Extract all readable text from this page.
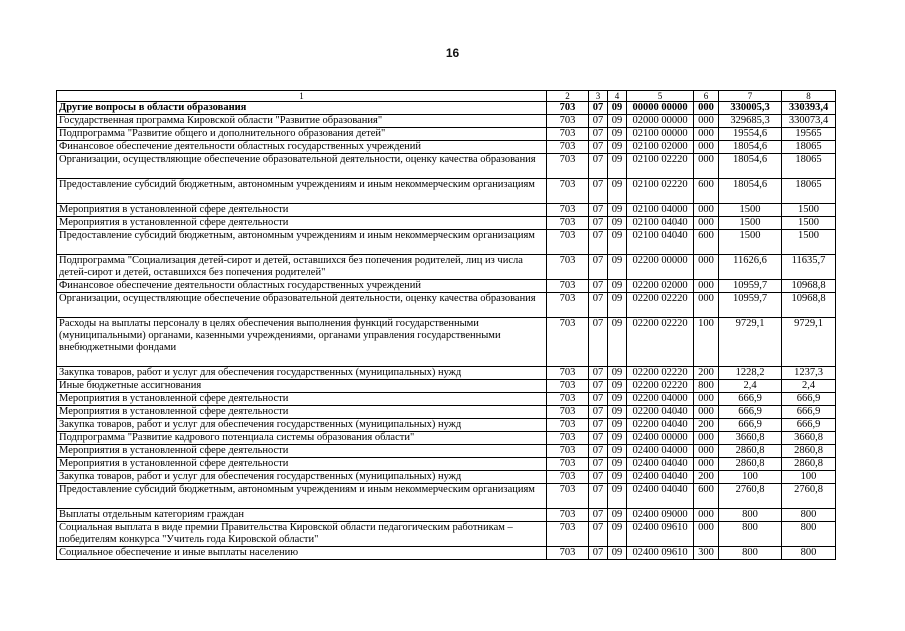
16
1	2	3	4	5	6	7	8
Другие вопросы в области образования	703	07	09	00000 00000	000	330005,3	330393,4
Государственная программа Кировской области "Развитие образования"	703	07	09	02000 00000	000	329685,3	330073,4
Подпрограмма "Развитие общего и дополнительного образования детей"	703	07	09	02100 00000	000	19554,6	19565
Финансовое обеспечение деятельности областных государственных учреждений	703	07	09	02100 02000	000	18054,6	18065
Организации, осуществляющие обеспечение образовательной деятельности, оценку качества образования	703	07	09	02100 02220	000	18054,6	18065
Предоставление субсидий бюджетным, автономным учреждениям и иным некоммерческим организациям	703	07	09	02100 02220	600	18054,6	18065
Мероприятия в установленной сфере деятельности	703	07	09	02100 04000	000	1500	1500
Мероприятия в установленной сфере деятельности	703	07	09	02100 04040	000	1500	1500
Предоставление субсидий бюджетным, автономным учреждениям и иным некоммерческим организациям	703	07	09	02100 04040	600	1500	1500
Подпрограмма "Социализация детей-сирот и детей, оставшихся без попечения родителей, лиц из числа детей-сирот и детей, оставшихся без попечения родителей"	703	07	09	02200 00000	000	11626,6	11635,7
Финансовое обеспечение деятельности областных государственных учреждений	703	07	09	02200 02000	000	10959,7	10968,8
Организации, осуществляющие обеспечение образовательной деятельности, оценку качества образования	703	07	09	02200 02220	000	10959,7	10968,8
Расходы на выплаты персоналу в целях обеспечения выполнения функций государственными (муниципальными) органами, казенными учреждениями, органами управления государственными внебюджетными фондами	703	07	09	02200 02220	100	9729,1	9729,1
Закупка товаров, работ и услуг для обеспечения государственных (муниципальных) нужд	703	07	09	02200 02220	200	1228,2	1237,3
Иные бюджетные ассигнования	703	07	09	02200 02220	800	2,4	2,4
Мероприятия в установленной сфере деятельности	703	07	09	02200 04000	000	666,9	666,9
Мероприятия в установленной сфере деятельности	703	07	09	02200 04040	000	666,9	666,9
Закупка товаров, работ и услуг для обеспечения государственных (муниципальных) нужд	703	07	09	02200 04040	200	666,9	666,9
Подпрограмма "Развитие кадрового потенциала системы образования области"	703	07	09	02400 00000	000	3660,8	3660,8
Мероприятия в установленной сфере деятельности	703	07	09	02400 04000	000	2860,8	2860,8
Мероприятия в установленной сфере деятельности	703	07	09	02400 04040	000	2860,8	2860,8
Закупка товаров, работ и услуг для обеспечения государственных (муниципальных) нужд	703	07	09	02400 04040	200	100	100
Предоставление субсидий бюджетным, автономным учреждениям и иным некоммерческим организациям	703	07	09	02400 04040	600	2760,8	2760,8
Выплаты отдельным категориям граждан	703	07	09	02400 09000	000	800	800
Социальная выплата в виде премии Правительства Кировской области педагогическим работникам – победителям конкурса "Учитель года Кировской области"	703	07	09	02400 09610	000	800	800
Социальное обеспечение и иные выплаты населению	703	07	09	02400 09610	300	800	800
